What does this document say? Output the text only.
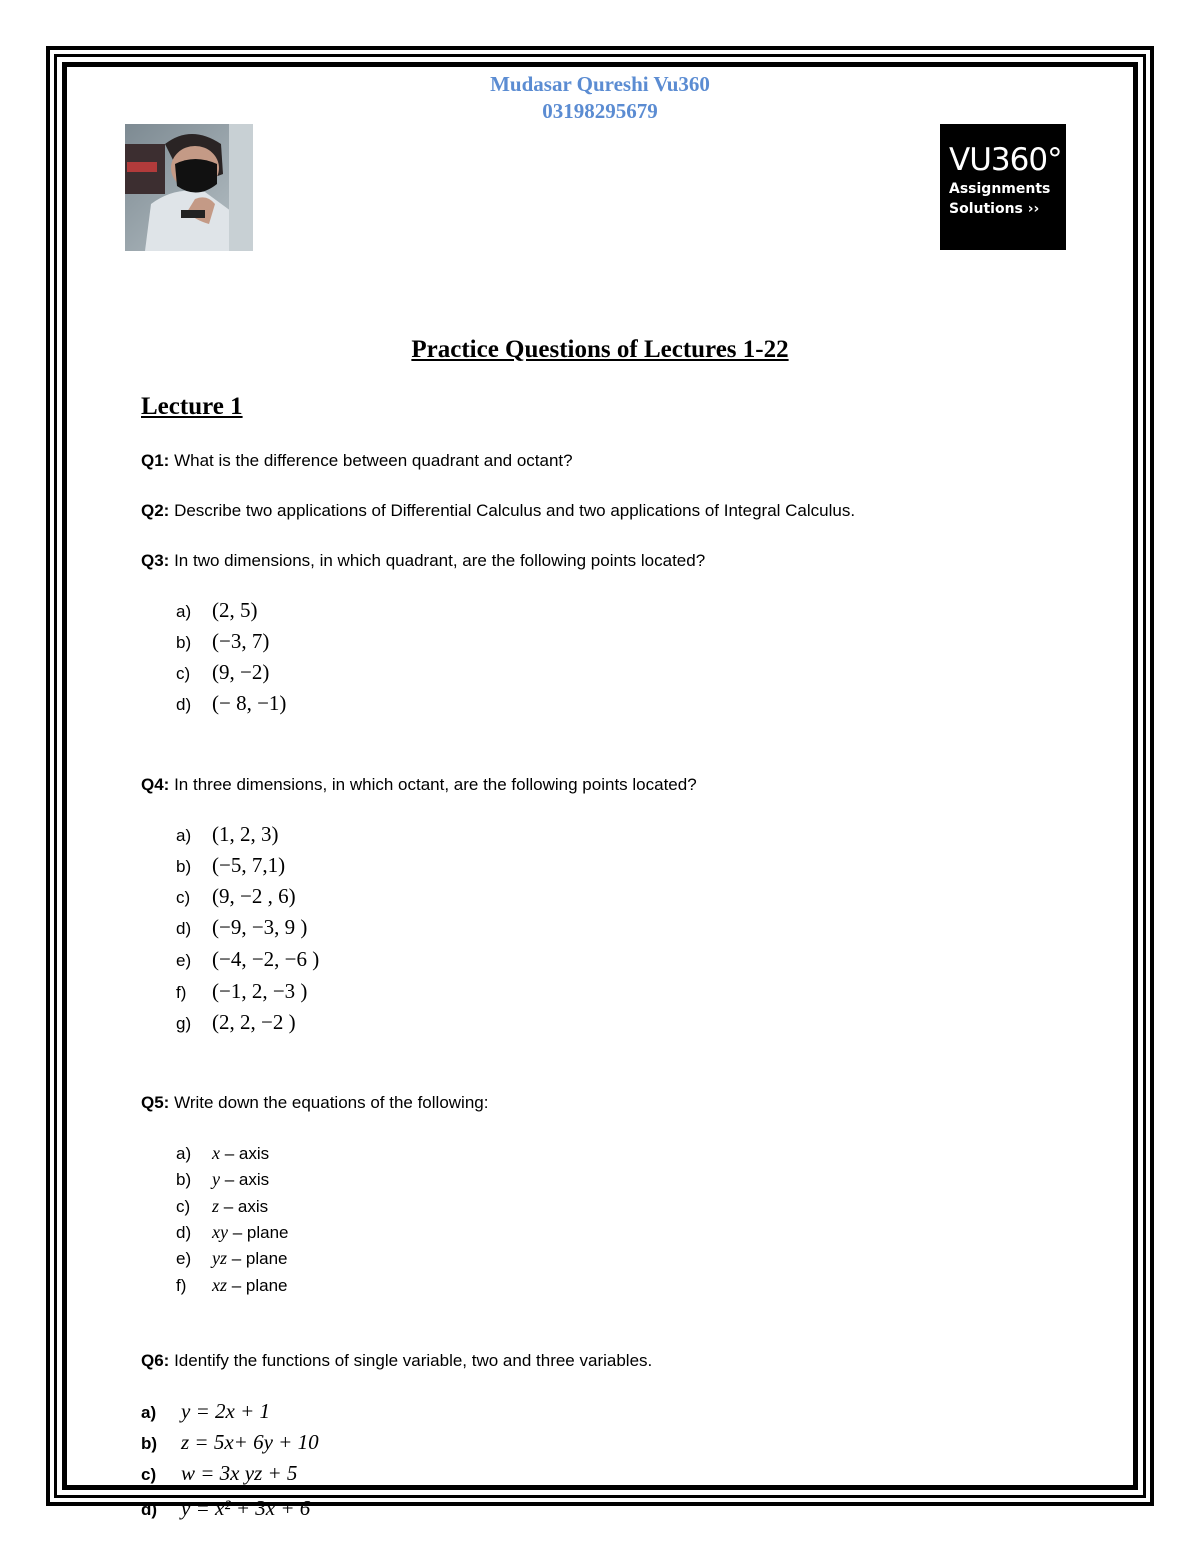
Mudasar Qureshi Vu360
03198295679
VU360°
Assignments
Solutions ››
Practice Questions of Lectures 1-22
Lecture 1
Q1: What is the difference between quadrant and octant?
Q2: Describe two applications of Differential Calculus and two applications of Integral Calculus.
Q3: In two dimensions, in which quadrant, are the following points located?
a) (2, 5)
b) (−3, 7)
c) (9, −2)
d) (− 8, −1)
Q4: In three dimensions, in which octant, are the following points located?
a) (1, 2, 3)
b) (−5, 7,1)
c) (9, −2 , 6)
d) (−9, −3, 9 )
e) (−4, −2, −6 )
f) (−1, 2, −3 )
g) (2, 2, −2 )
Q5: Write down the equations of the following:
a) x – axis
b) y – axis
c) z – axis
d) xy – plane
e) yz – plane
f) xz – plane
Q6: Identify the functions of single variable, two and three variables.
a) y = 2x + 1
b) z = 5x+ 6y + 10
c) w = 3x yz + 5
d) y = x² + 3x + 6
